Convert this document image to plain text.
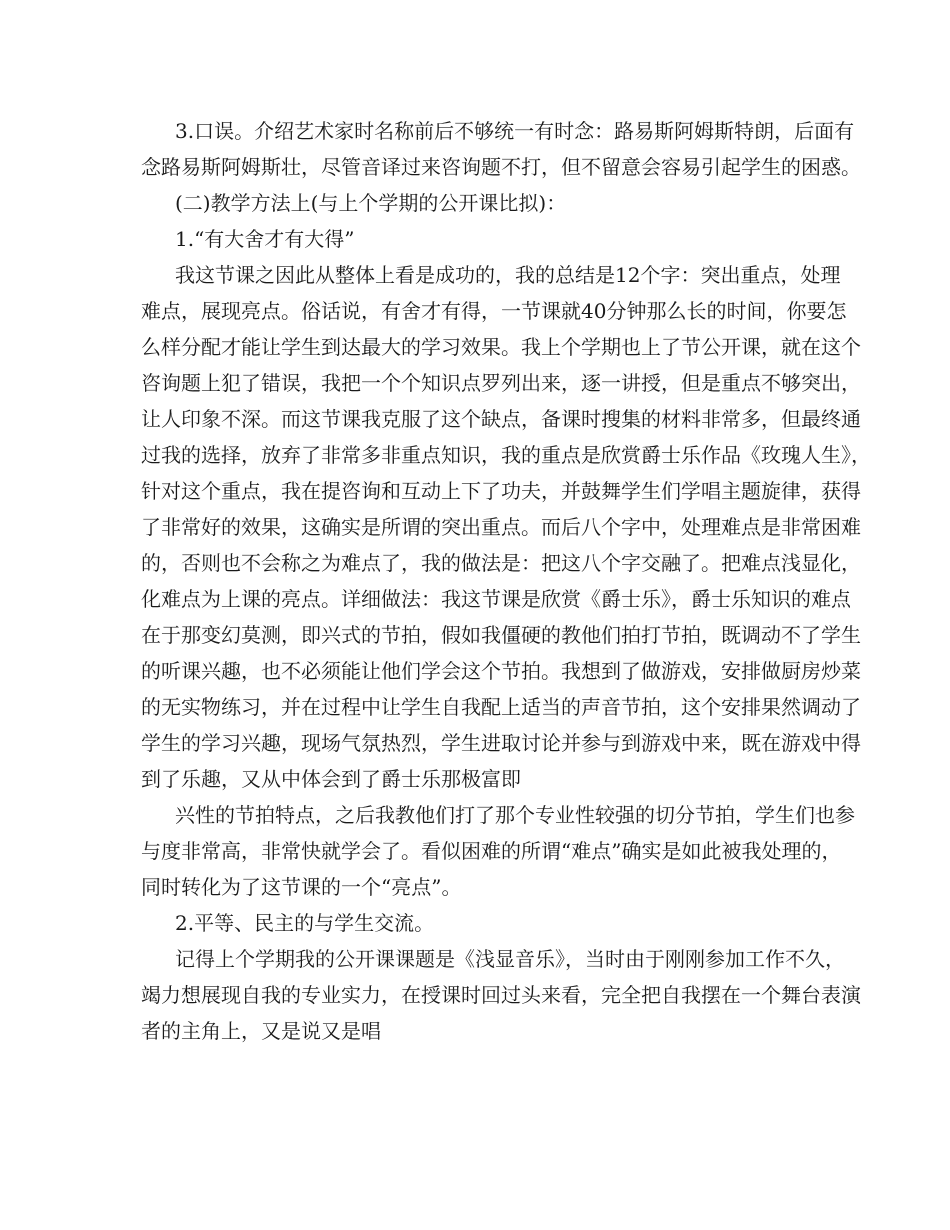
3.口误。介绍艺术家时名称前后不够统一有时念：路易斯阿姆斯特朗，后面有
念路易斯阿姆斯壮，尽管音译过来咨询题不打，但不留意会容易引起学生的困惑。
(二)教学方法上(与上个学期的公开课比拟)：
1.“有大舍才有大得”
我这节课之因此从整体上看是成功的，我的总结是12个字：突出重点，处理
难点，展现亮点。俗话说，有舍才有得，一节课就40分钟那么长的时间，你要怎
么样分配才能让学生到达最大的学习效果。我上个学期也上了节公开课，就在这个
咨询题上犯了错误，我把一个个知识点罗列出来，逐一讲授，但是重点不够突出，
让人印象不深。而这节课我克服了这个缺点，备课时搜集的材料非常多，但最终通
过我的选择，放弃了非常多非重点知识，我的重点是欣赏爵士乐作品《玫瑰人生》，
针对这个重点，我在提咨询和互动上下了功夫，并鼓舞学生们学唱主题旋律，获得
了非常好的效果，这确实是所谓的突出重点。而后八个字中，处理难点是非常困难
的，否则也不会称之为难点了，我的做法是：把这八个字交融了。把难点浅显化，
化难点为上课的亮点。详细做法：我这节课是欣赏《爵士乐》，爵士乐知识的难点
在于那变幻莫测，即兴式的节拍，假如我僵硬的教他们拍打节拍，既调动不了学生
的听课兴趣，也不必须能让他们学会这个节拍。我想到了做游戏，安排做厨房炒菜
的无实物练习，并在过程中让学生自我配上适当的声音节拍，这个安排果然调动了
学生的学习兴趣，现场气氛热烈，学生进取讨论并参与到游戏中来，既在游戏中得
到了乐趣，又从中体会到了爵士乐那极富即
兴性的节拍特点，之后我教他们打了那个专业性较强的切分节拍，学生们也参
与度非常高，非常快就学会了。看似困难的所谓“难点”确实是如此被我处理的，
同时转化为了这节课的一个“亮点”。
2.平等、民主的与学生交流。
记得上个学期我的公开课课题是《浅显音乐》，当时由于刚刚参加工作不久，
竭力想展现自我的专业实力，在授课时回过头来看，完全把自我摆在一个舞台表演
者的主角上，又是说又是唱
